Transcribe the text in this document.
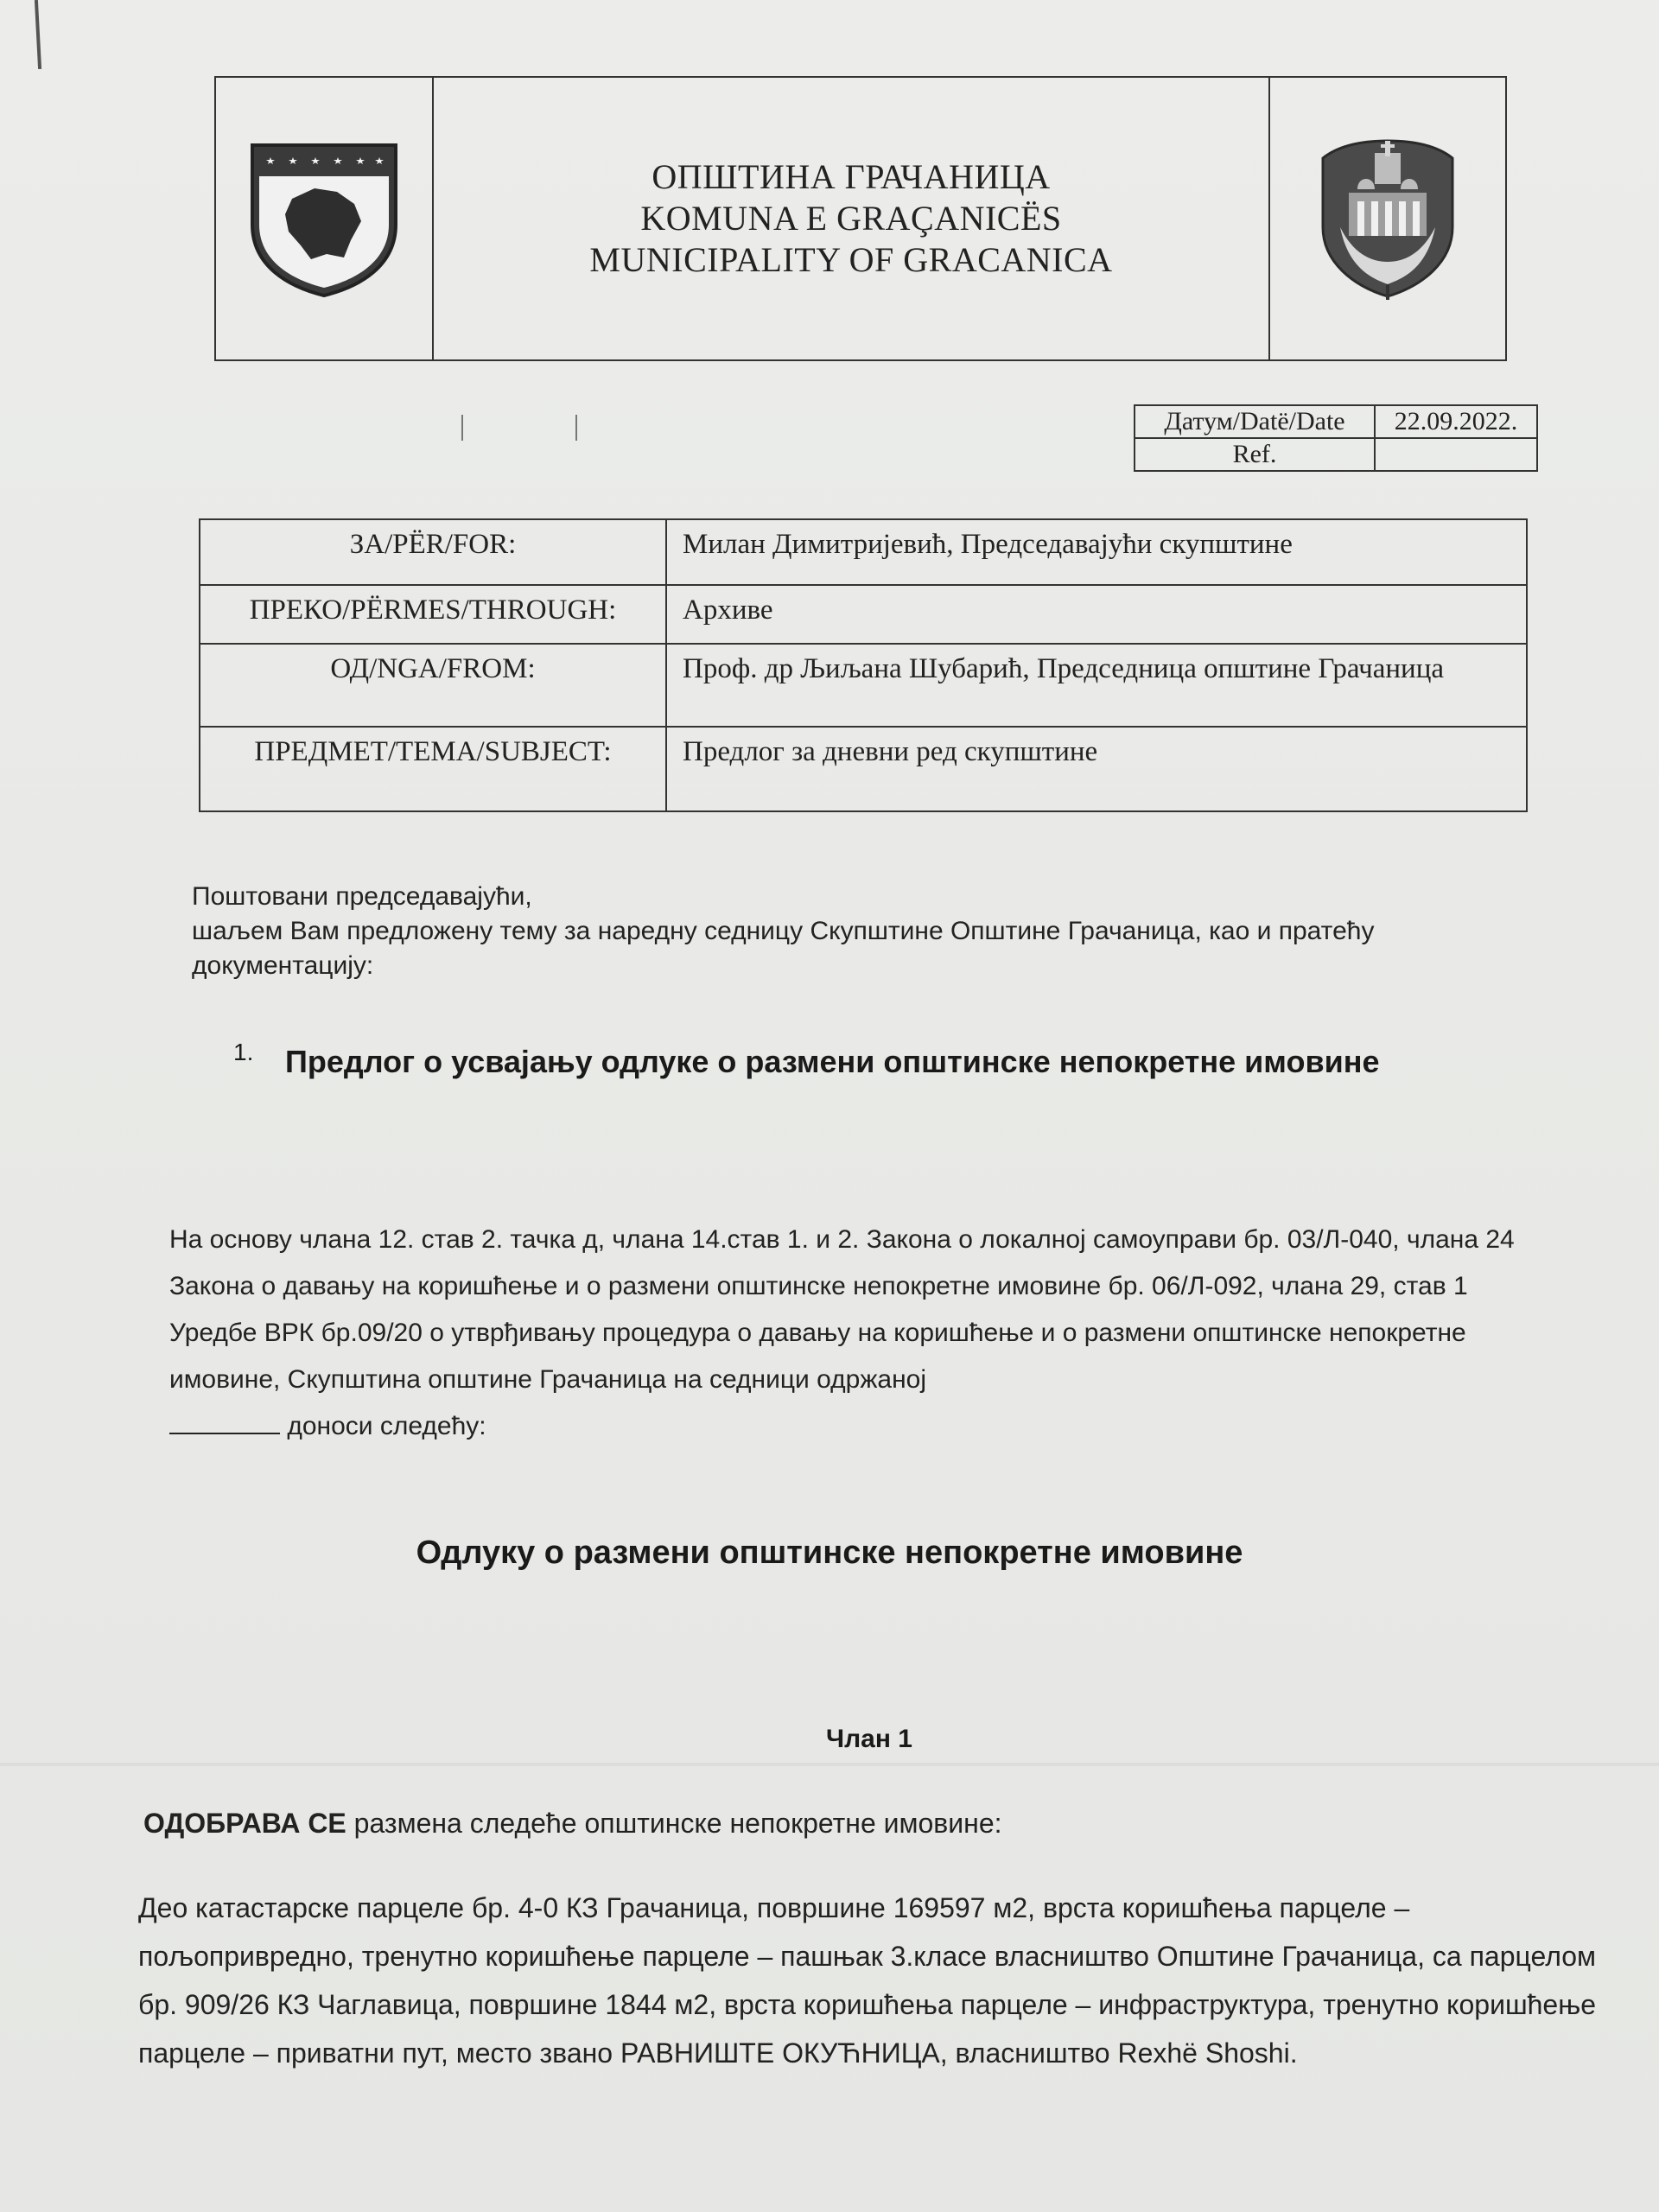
ОПШТИНА ГРАЧАНИЦА
KOMUNA E GRAÇANICËS
MUNICIPALITY OF GRACANICA
Датум/Datë/Date	22.09.2022.
Ref.	
ЗА/PËR/FOR:	Милан Димитријевић, Председавајући скупштине
ПРЕКО/PËRMES/THROUGH:	Архиве
ОД/NGA/FROM:	Проф. др Љиљана Шубарић, Председница општине Грачаница
ПРЕДМЕТ/TEMA/SUBJECT:	Предлог за дневни ред скупштине

Поштовани председавајући,

шаљем Вам предложену тему за наредну седницу Скупштине Општине Грачаница, као и пратећу документацију:

1.	Предлог о усвајању одлуке о размени општинске непокретне имовине
На основу члана 12. став 2. тачка д, члана 14.став 1. и 2. Закона о локалној самоуправи бр. 03/Л-040, члана 24 Закона о давању на коришћење и о размени општинске непокретне имовине бр. 06/Л-092, члана 29, став 1 Уредбе ВРК бр.09/20 о утврђивању процедура о давању на коришћење и о размени општинске непокретне имовине, Скупштина општине Грачаница на седници одржаној
доноси следећу:
Одлуку о размени општинске непокретне имовине
Члан 1
ОДОБРАВА СЕ размена следеће општинске непокретне имовине:
Део катастарске парцеле бр. 4-0 КЗ Грачаница, површине 169597 м2, врста коришћења парцеле – пољопривредно, тренутно коришћење парцеле – пашњак 3.класе власништво Општине Грачаница, са парцелом бр. 909/26 КЗ Чаглавица, површине 1844 м2, врста коришћења парцеле – инфраструктура, тренутно коришћење парцеле – приватни пут, место звано РАВНИШТЕ ОКУЋНИЦА, власништво Rexhë Shoshi.
